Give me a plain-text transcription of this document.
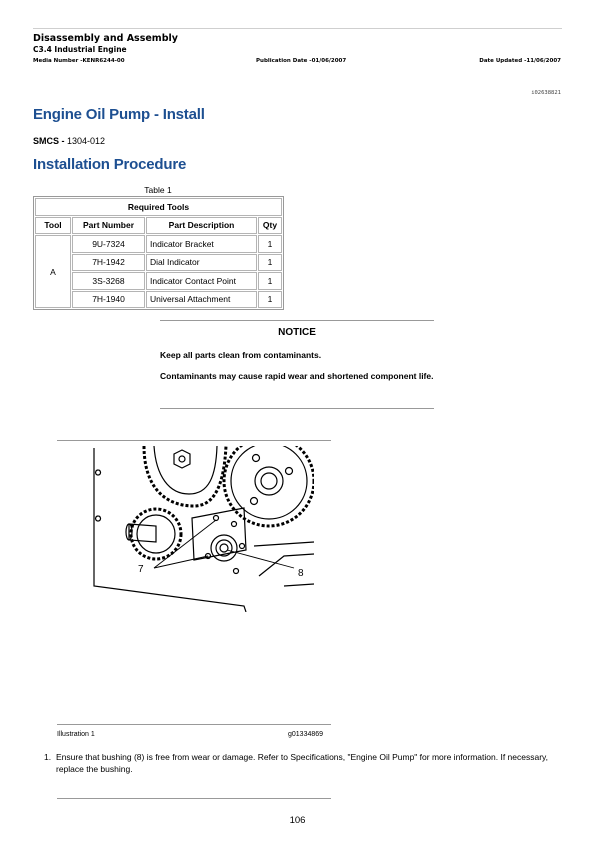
Disassembly and Assembly
C3.4 Industrial Engine
Media Number -KENR6244-00	Publication Date -01/06/2007	Date Updated -11/06/2007
i02638821
Engine Oil Pump - Install
SMCS - 1304-012
Installation Procedure
Table 1
Required Tools			
Tool	Part Number	Part Description	Qty
A	9U-7324	Indicator Bracket	1
	7H-1942	Dial Indicator	1
	3S-3268	Indicator Contact Point	1
	7H-1940	Universal Attachment	1
NOTICE
Keep all parts clean from contaminants.
Contaminants may cause rapid wear and shortened component life.
7	8
Illustration 1	g01334869
1. Ensure that bushing (8) is free from wear or damage. Refer to Specifications, "Engine Oil Pump" for more information. If necessary, replace the bushing.
106
